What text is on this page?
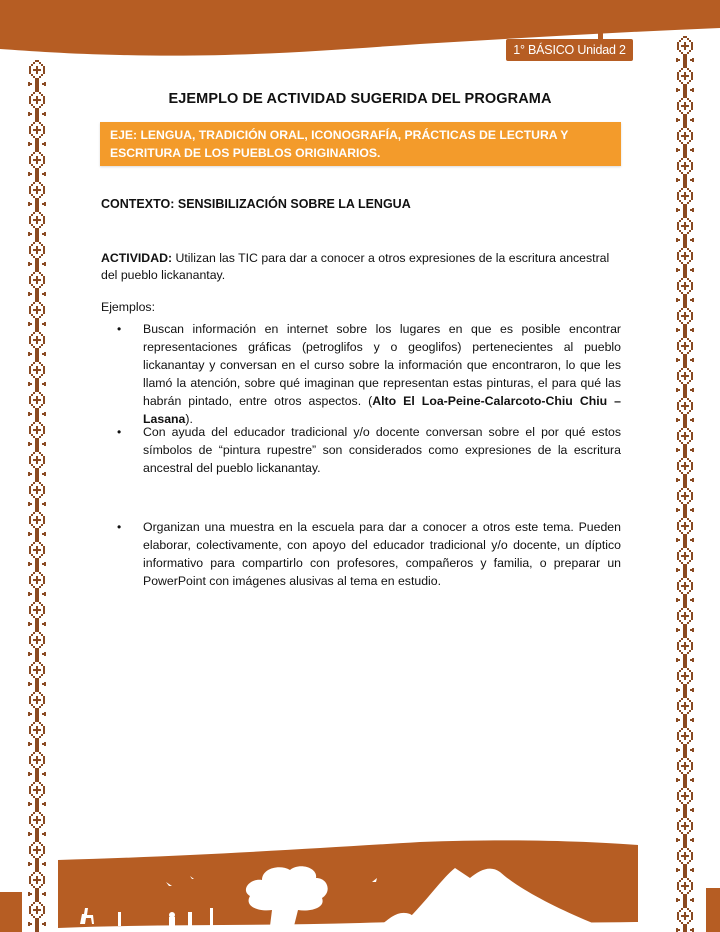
1° BÁSICO Unidad 2
EJEMPLO DE ACTIVIDAD SUGERIDA DEL PROGRAMA
EJE: LENGUA, TRADICIÓN ORAL, ICONOGRAFÍA, PRÁCTICAS DE LECTURA Y ESCRITURA DE LOS PUEBLOS ORIGINARIOS.
CONTEXTO: SENSIBILIZACIÓN SOBRE LA LENGUA
ACTIVIDAD: Utilizan las TIC para dar a conocer a otros expresiones de la escritura ancestral del pueblo lickanantay.
Ejemplos:
• Buscan información en internet sobre los lugares en que es posible encontrar representaciones gráficas (petroglifos y o geoglifos) pertenecientes al pueblo lickanantay y conversan en el curso sobre la información que encontraron, lo que les llamó la atención, sobre qué imaginan que representan estas pinturas, el para qué las habrán pintado, entre otros aspectos. (Alto El Loa-Peine-Calarcoto-Chiu Chiu – Lasana).
• Con ayuda del educador tradicional y/o docente conversan sobre el por qué estos símbolos de “pintura rupestre” son considerados como expresiones de la escritura ancestral del pueblo lickanantay.
• Organizan una muestra en la escuela para dar a conocer a otros este tema. Pueden elaborar, colectivamente, con apoyo del educador tradicional y/o docente, un díptico informativo para compartirlo con profesores, compañeros y familia, o preparar un PowerPoint con imágenes alusivas al tema en estudio.
